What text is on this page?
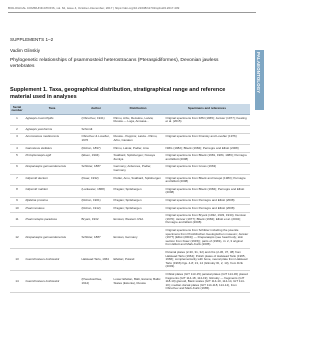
BIOLOGICAL COMMUNICATIONS, vol. 62, issue 4, October–December, 2017 | https://doi.org/10.21638/11701/spbu03.2017.409
SUPPLEMENTS 1–2
Vadim Glinskiy
Phylogenetic relationships of psammosteid heterostracans (Pteraspidiformes), Devonian jawless vertebrates	PALAEONTOLOGY
Supplement 1. Taxa, geographical distribution, stratigraphical range and reference material used in analyses
Serial number	Taxa	Author	Distribution	Specimens and references
1	Aglaspis macrothyllis	(Obruchev, 1941)	Pärnu, Arbu, Rezekne, Latvia; Russia — Luga, Amsasa...	Original specimens from IMM (1965); Janvier (1977); Keating et al. (2015)
2	Aglaspis yacuformis	Schmidt		
3	Anomosteus mediocrevis	Obruchev & Lovefter, 1976	Russia - Peppins; Latvia - Pärnu, Arbu, Canalen	Original specimens from Dronsky and Lovefter (1976)
4	Ganosteus stellatus	(Rohon, 1897)	Pärnu, Latvia; Podler, Amu	NMG (1982); Blieck (1984); Pernègre and Elliott (2008)
5	Protopteraspis egill	(Elsen, 1904)	Svalbard, Spitsbergen; Novaya Zemlya	Original specimens from Blieck (1981, 1984, 1986); Pernègre and Elliott (2008)
6	Drepanaspis gemuendenensis	Schlüter, 1887	Germany; Ardennes, Podler, Germany	Original specimens from Gross (1963)
7	Gilpsmitt deckeri	(Kiaer, 1932)	Podler, Amu, Svalbard, Spitsbergen	Original specimens from Blieck and Goujet (1983); Pernègre and Elliott (2008)
8	Gilpsmitt mahleri	(Lankester, 1868)	Pragian; Spitsbergen	Original specimens from Blieck (1984); Pernègre and Elliott (2008)
9	Rjabinia proxima	(Rohon, 1901)	Pragian; Spitsbergen	Original specimens from Pernègre and Elliott (2008)
10	Psammosteus	(Rohon, 1912)	Pragian; Spitsbergen	Original specimens from Pernègre and Elliott (2008)
11	Psammolepis paradoxa	Bryant, 1932	Emsian; Western USA	Original specimens from Bryant (1932, 1933, 1934); Denison (1970); Janvier (1977); Blieck (1984); Elliott et al. (2004); Pernègre and Elliott (2008)
12	Drepanaspis gemuendenensis	Schlüter, 1887	Emsian, Germany	Original specimens from Schlüter including the juvenile specimens from Prosbilischen Geologischen museum; Janvier (1977) (Elliot (2004)) — Drepanaspis (see head body; skin section from Kiaer (1915)); parts of (1981), in: 2, 3 original from Elliott and Mark-Kurik (2005).
13	Guerichosteus kozlowskii	Halstead Tarlo, 1964	Eifelian; Poland	Polonial plates (2-30, 31, 32) and ribs (2-36, 37, 38) from Halstead Tarlo (1964); Polish plates of Halstead Tarlo (1965, 1966); complementarity with bone, neural plate from Halstead Tarlo (1966) figs. 4-8; 13, 14 (Glinskiy ID, 2, 13), from Dzik (2003).
14	Guerichosteus kozlowskii	(Pseudoschlee, 1912)	Lower Eifelian, Bálti, Estonia; Baltic States (Estonia), Russia	Orbital plates (GIT 113-15) parietal plates (GIT 114-30) placed fragments (GIT 114-18, 114-19); Glinskiy — fragments (GIT 118-10) glenoid, Bank scales (GIT 114-10, 114-14, GIT 114-10); median dorsal plates (GIT 114-118, 114-14), from Obruchev and Mark-Kurik (1965).
